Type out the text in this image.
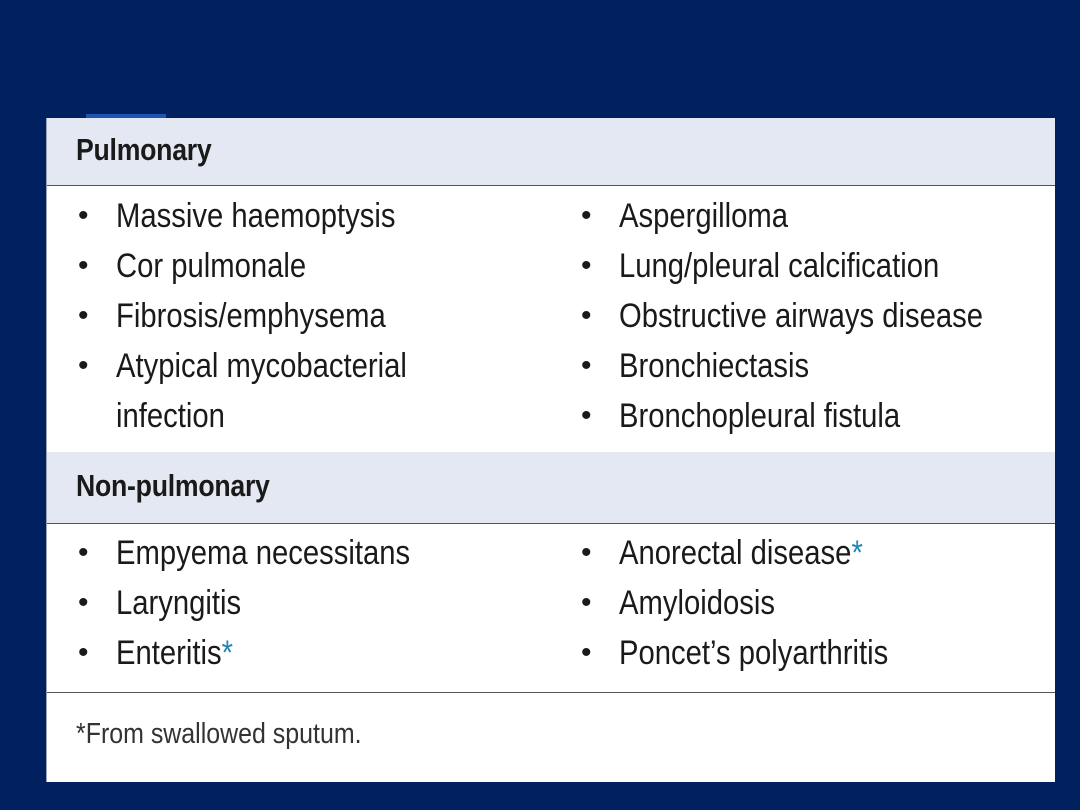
Pulmonary
• Massive haemoptysis
• Cor pulmonale
• Fibrosis/emphysema
• Atypical mycobacterial
infection
• Aspergilloma
• Lung/pleural calcification
• Obstructive airways disease
• Bronchiectasis
• Bronchopleural fistula
Non-pulmonary
• Empyema necessitans
• Laryngitis
• Enteritis*
• Anorectal disease*
• Amyloidosis
• Poncet’s polyarthritis
*From swallowed sputum.
